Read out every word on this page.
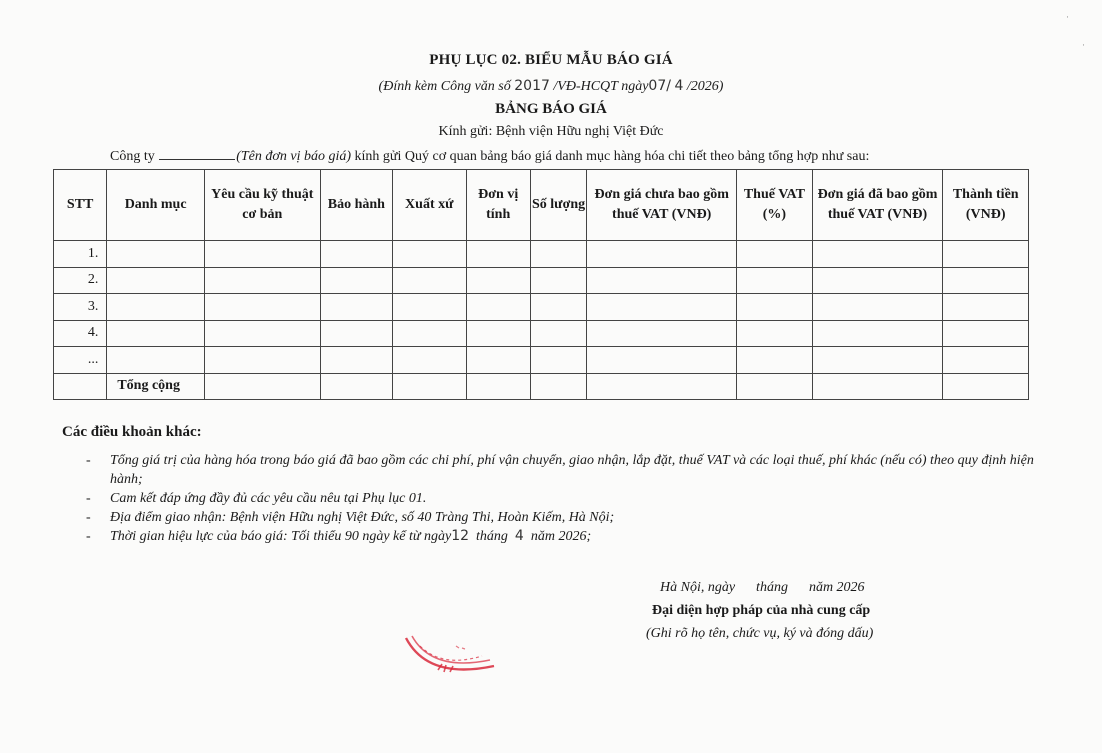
PHỤ LỤC 02. BIỂU MẪU BÁO GIÁ
(Đính kèm Công văn số 2017 /VĐ-HCQT ngày07/ 4 /2026)
BẢNG BÁO GIÁ
Kính gửi: Bệnh viện Hữu nghị Việt Đức
Công ty	(Tên đơn vị báo giá) kính gửi Quý cơ quan bảng báo giá danh mục hàng hóa chi tiết theo bảng tổng hợp như sau:
STT	Danh mục	Yêu cầu kỹ thuật cơ bản	Bảo hành	Xuất xứ	Đơn vị tính	Số lượng	Đơn giá chưa bao gồm thuế VAT (VNĐ)	Thuế VAT (%)	Đơn giá đã bao gồm thuế VAT (VNĐ)	Thành tiền (VNĐ)
1.										
2.										
3.										
4.										
...										
	Tổng cộng									
Các điều khoản khác:
- Tổng giá trị của hàng hóa trong báo giá đã bao gồm các chi phí, phí vận chuyển, giao nhận, lắp đặt, thuế VAT và các loại thuế, phí khác (nếu có) theo quy định hiện hành;
- Cam kết đáp ứng đầy đủ các yêu cầu nêu tại Phụ lục 01.
- Địa điểm giao nhận: Bệnh viện Hữu nghị Việt Đức, số 40 Tràng Thi, Hoàn Kiếm, Hà Nội;
- Thời gian hiệu lực của báo giá: Tối thiểu 90 ngày kể từ ngày12 tháng 4 năm 2026;
Hà Nội, ngày      tháng      năm 2026
Đại diện hợp pháp của nhà cung cấp
(Ghi rõ họ tên, chức vụ, ký và đóng dấu)
·
·
